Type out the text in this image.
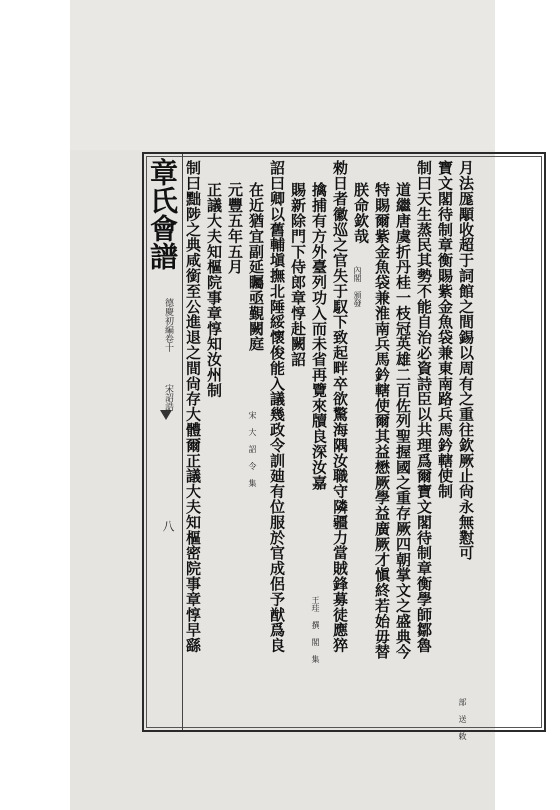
章氏會譜
德慶初編卷十
宋詔誥
八	月法厖顒收超于詞館之間錫以周有之重往欽厥止尙永無懟可
部 送 敕
寶文閣待制章衡賜紫金魚袋兼東南路兵馬鈐轄使制
制曰天生蒸民其勢不能自治必資詩臣以共理爲爾寶文閣待制章衡學師鄒魯
道繼唐虞折丹桂一枝冠英雄二百佐列聖握國之重存厥四朝掌文之盛典今
特賜爾紫金魚袋兼淮南兵馬鈐轄使爾其益懋厥學益廣厥才愼終若始毋替
朕命欽哉
內閣 頒發
勑日者徽巡之官失于馭下致起畔卒欲驚海隅汝職守隣疆力當賊鋒募徒應猝
擒捕有方外臺列功入而未省再覽來牘良深汝嘉
王珪 撰 閣 集
賜新除門下侍郎章惇赴闕詔
詔曰卿以舊輔塡撫北陲綏懷俊能入議幾政令訓廸有位服於官成侶予猷爲良
在近猶宜副延矚亟覲闕庭
宋 大 詔 令 集
元豐五年五月
正議大夫知樞院事章惇知汝州制
制曰黜陟之典咸銜至公進退之間尙存大體爾正議大夫知樞密院事章惇早繇
